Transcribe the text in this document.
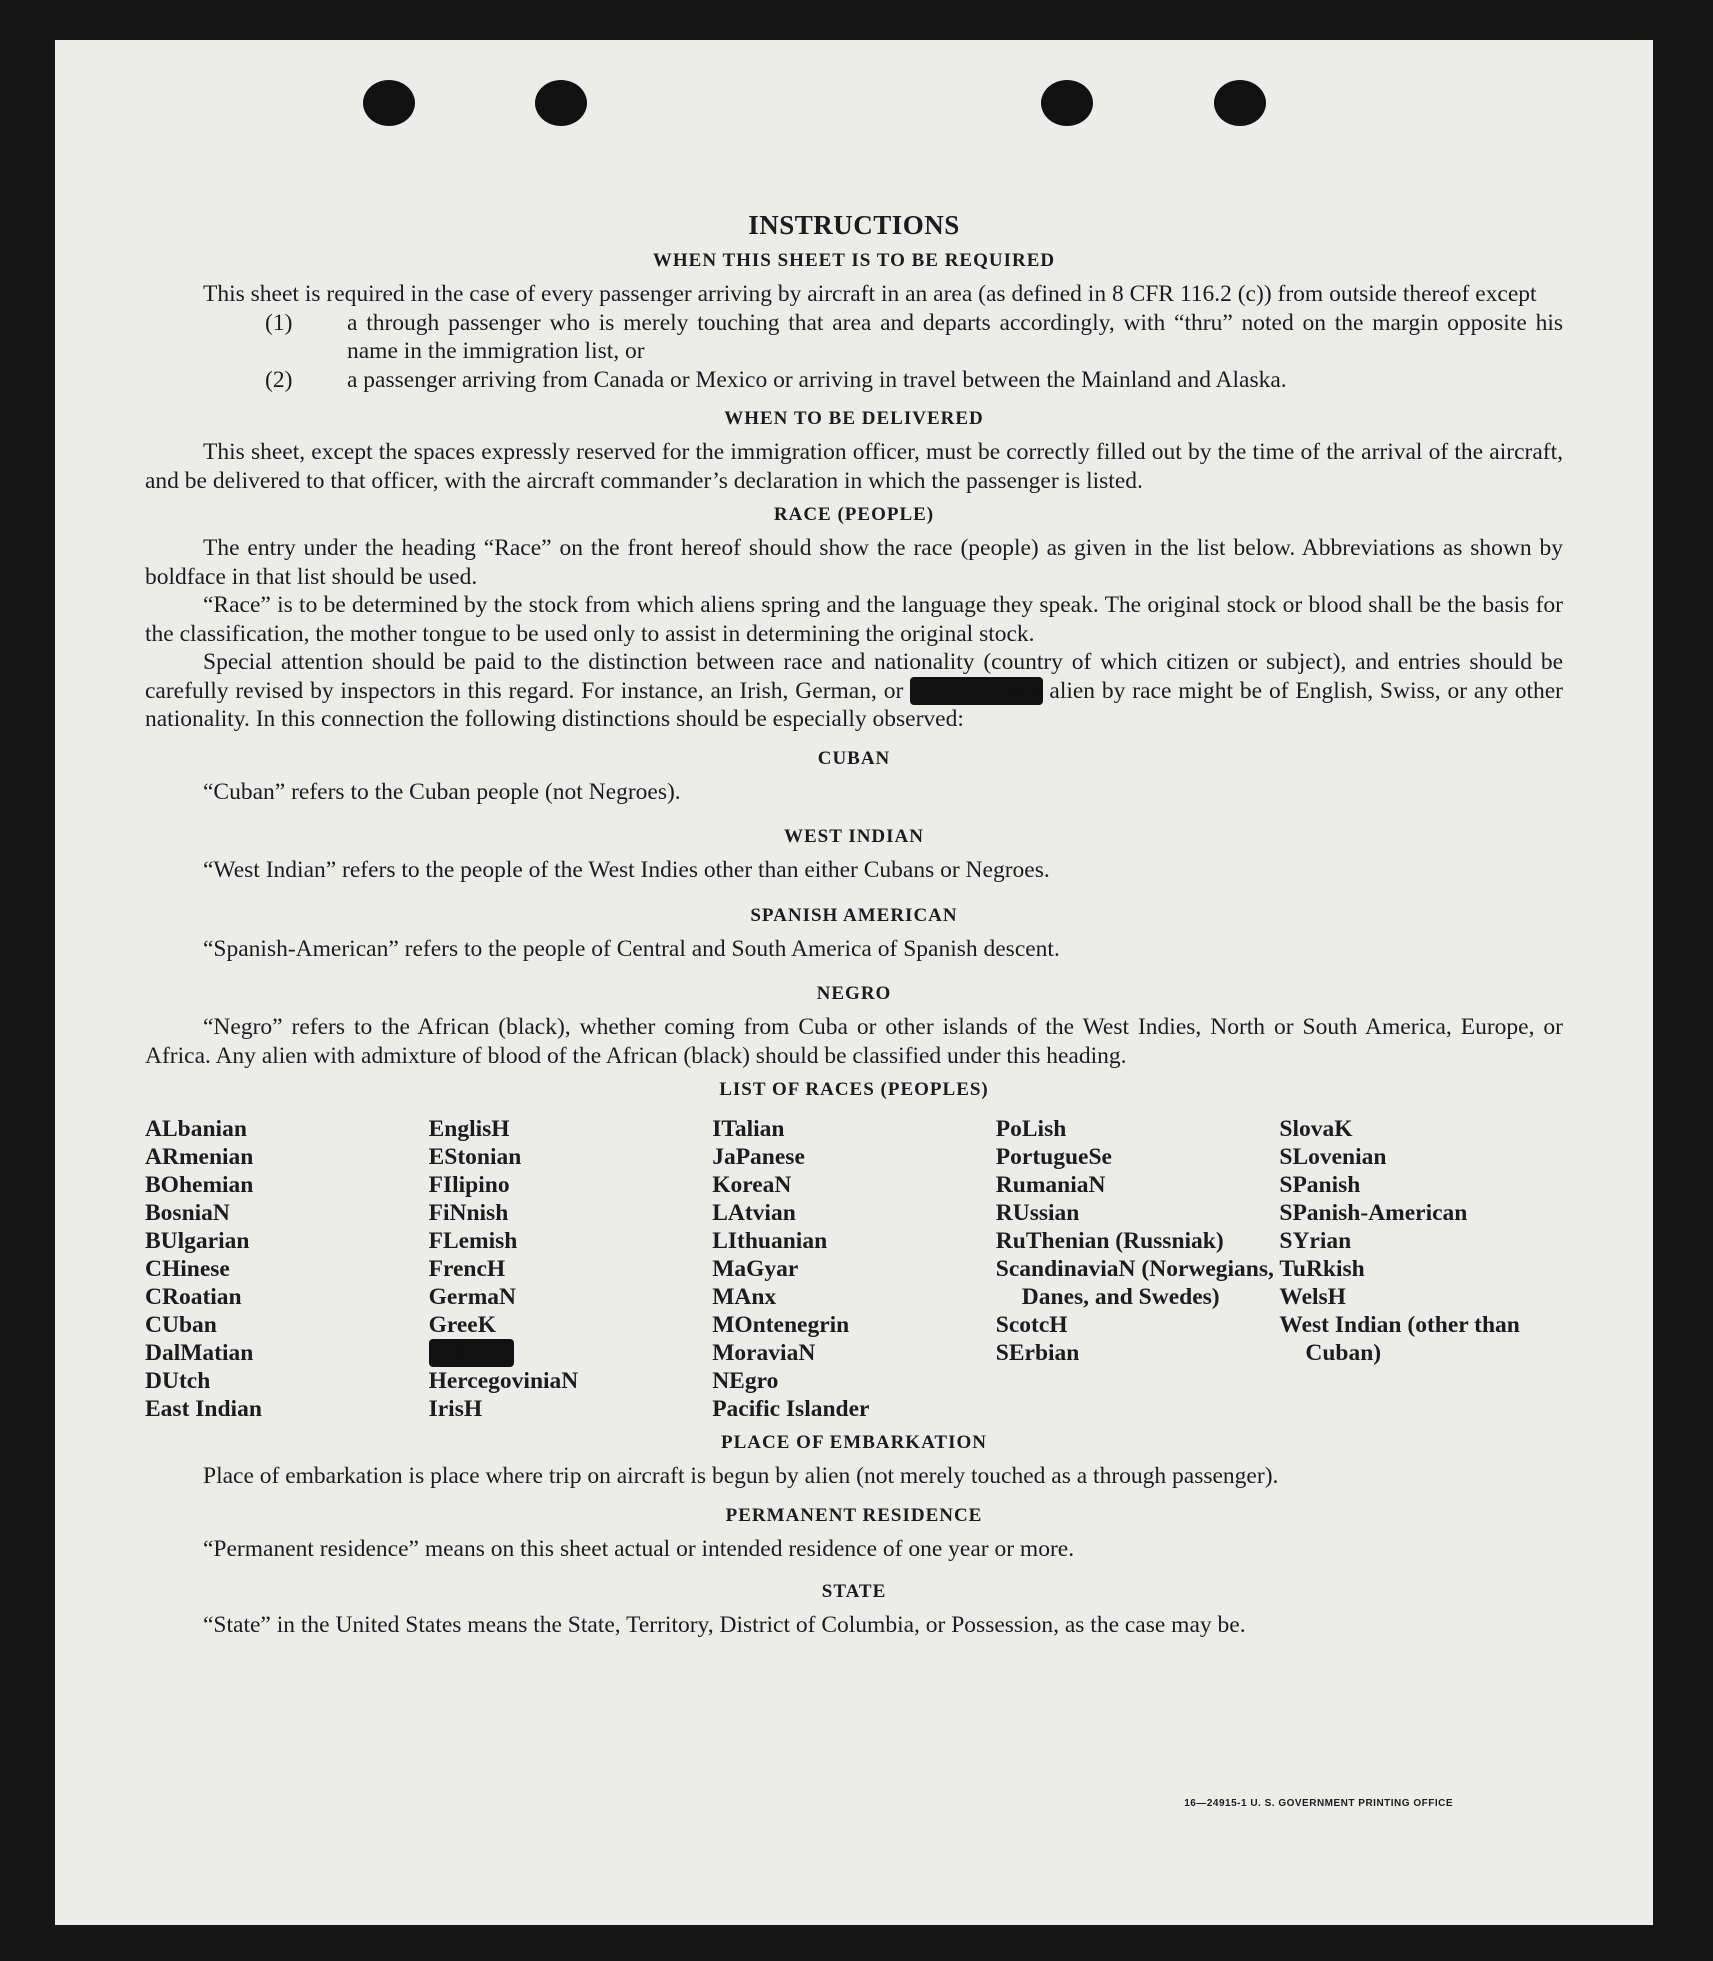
INSTRUCTIONS
WHEN THIS SHEET IS TO BE REQUIRED

This sheet is required in the case of every passenger arriving by aircraft in an area (as defined in 8 CFR 116.2 (c)) from outside thereof except

(1) a through passenger who is merely touching that area and departs accordingly, with “thru” noted on the margin opposite his name in the immigration list, or
(2) a passenger arriving from Canada or Mexico or arriving in travel between the Mainland and Alaska.
WHEN TO BE DELIVERED

This sheet, except the spaces expressly reserved for the immigration officer, must be correctly filled out by the time of the arrival of the aircraft, and be delivered to that officer, with the aircraft commander’s declaration in which the passenger is listed.

RACE (PEOPLE)

The entry under the heading “Race” on the front hereof should show the race (people) as given in the list below. Abbreviations as shown by boldface in that list should be used.

“Race” is to be determined by the stock from which aliens spring and the language they speak. The original stock or blood shall be the basis for the classification, the mother tongue to be used only to assist in determining the original stock.

Special attention should be paid to the distinction between race and nationality (country of which citizen or subject), and entries should be carefully revised by inspectors in this regard. For instance, an Irish, German, or	Hebrew alien by race might be of English, Swiss, or any other nationality. In this connection the following distinctions should be especially observed:

CUBAN

“Cuban” refers to the Cuban people (not Negroes).

WEST INDIAN

“West Indian” refers to the people of the West Indies other than either Cubans or Negroes.

SPANISH AMERICAN

“Spanish-American” refers to the people of Central and South America of Spanish descent.

NEGRO

“Negro” refers to the African (black), whether coming from Cuba or other islands of the West Indies, North or South America, Europe, or Africa. Any alien with admixture of blood of the African (black) should be classified under this heading.

LIST OF RACES (PEOPLES)
ALbanian
ARmenian
BOhemian
BosniaN
BUlgarian
CHinese
CRoatian
CUban
DalMatian
DUtch
East Indian
EnglisH
EStonian
FIlipino
FiNnish
FLemish
FrencH
GermaN
GreeK
HebreW
HercegoviniaN
IrisH
ITalian
JaPanese
KoreaN
LAtvian
LIthuanian
MaGyar
MAnx
MOntenegrin
MoraviaN
NEgro
Pacific Islander
PoLish
PortugueSe
RumaniaN
RUssian
RuThenian (Russniak)
ScandinaviaN (Norwegians, Danes, and Swedes)
ScotcH
SErbian
SlovaK
SLovenian
SPanish
SPanish-American
SYrian
TuRkish
WelsH
West Indian (other than Cuban)
PLACE OF EMBARKATION

Place of embarkation is place where trip on aircraft is begun by alien (not merely touched as a through passenger).

PERMANENT RESIDENCE

“Permanent residence” means on this sheet actual or intended residence of one year or more.

STATE

“State” in the United States means the State, Territory, District of Columbia, or Possession, as the case may be.

16—24915-1 U. S. GOVERNMENT PRINTING OFFICE
